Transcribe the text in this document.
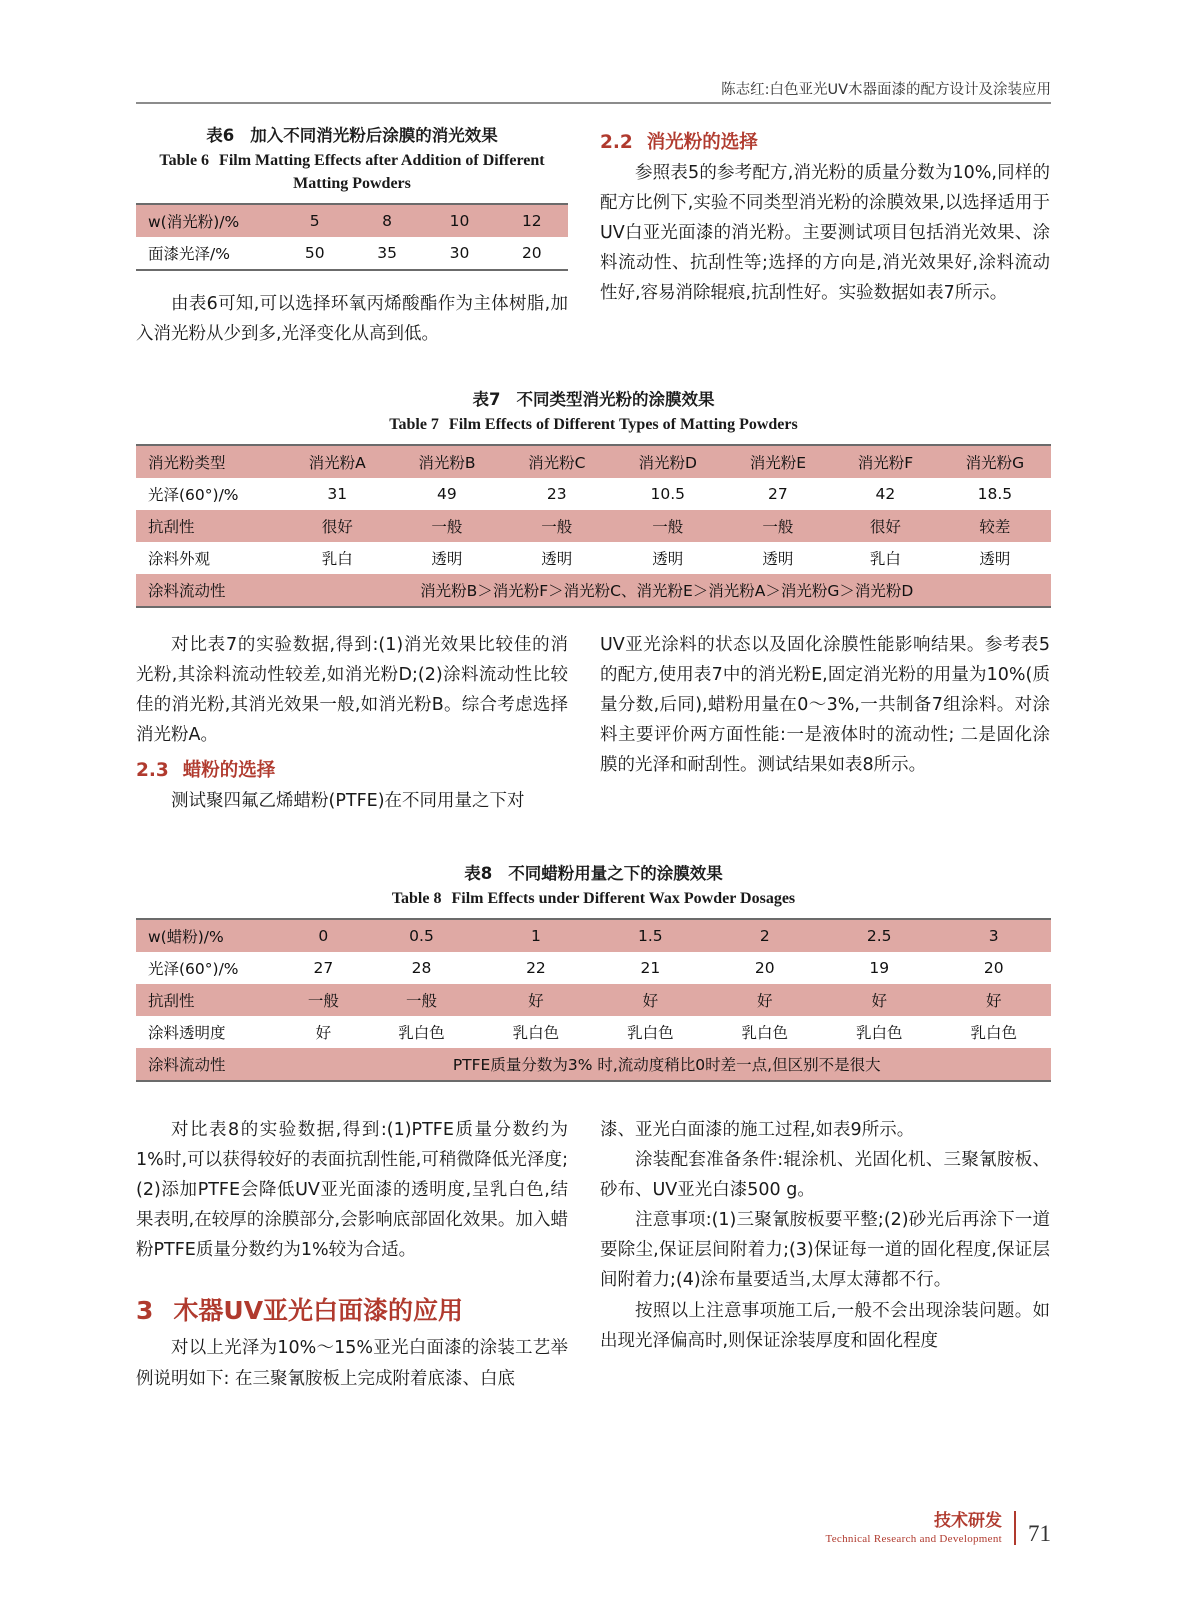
陈志红:白色亚光UV木器面漆的配方设计及涂装应用
表6 加入不同消光粉后涂膜的消光效果
Table 6 Film Matting Effects after Addition of Different
Matting Powders
w(消光粉)/%	5	8	10	12
面漆光泽/%	50	35	30	20

由表6可知,可以选择环氧丙烯酸酯作为主体树脂,加入消光粉从少到多,光泽变化从高到低。

2.2 消光粉的选择

参照表5的参考配方,消光粉的质量分数为10%,同样的配方比例下,实验不同类型消光粉的涂膜效果,以选择适用于UV白亚光面漆的消光粉。主要测试项目包括消光效果、涂料流动性、抗刮性等;选择的方向是,消光效果好,涂料流动性好,容易消除辊痕,抗刮性好。实验数据如表7所示。

表7 不同类型消光粉的涂膜效果
Table 7 Film Effects of Different Types of Matting Powders
消光粉类型	消光粉A	消光粉B	消光粉C	消光粉D	消光粉E	消光粉F	消光粉G
光泽(60°)/%	31	49	23	10.5	27	42	18.5
抗刮性	很好	一般	一般	一般	一般	很好	较差
涂料外观	乳白	透明	透明	透明	透明	乳白	透明
涂料流动性	消光粉B＞消光粉F＞消光粉C、消光粉E＞消光粉A＞消光粉G＞消光粉D						

对比表7的实验数据,得到:(1)消光效果比较佳的消光粉,其涂料流动性较差,如消光粉D;(2)涂料流动性比较佳的消光粉,其消光效果一般,如消光粉B。综合考虑选择消光粉A。

2.3 蜡粉的选择

测试聚四氟乙烯蜡粉(PTFE)在不同用量之下对

UV亚光涂料的状态以及固化涂膜性能影响结果。参考表5的配方,使用表7中的消光粉E,固定消光粉的用量为10%(质量分数,后同),蜡粉用量在0～3%,一共制备7组涂料。对涂料主要评价两方面性能:一是液体时的流动性; 二是固化涂膜的光泽和耐刮性。测试结果如表8所示。

表8 不同蜡粉用量之下的涂膜效果
Table 8 Film Effects under Different Wax Powder Dosages
w(蜡粉)/%	0	0.5	1	1.5	2	2.5	3
光泽(60°)/%	27	28	22	21	20	19	20
抗刮性	一般	一般	好	好	好	好	好
涂料透明度	好	乳白色	乳白色	乳白色	乳白色	乳白色	乳白色
涂料流动性	PTFE质量分数为3% 时,流动度稍比0时差一点,但区别不是很大						

对比表8的实验数据,得到:(1)PTFE质量分数约为1%时,可以获得较好的表面抗刮性能,可稍微降低光泽度;(2)添加PTFE会降低UV亚光面漆的透明度,呈乳白色,结果表明,在较厚的涂膜部分,会影响底部固化效果。加入蜡粉PTFE质量分数约为1%较为合适。

3 木器UV亚光白面漆的应用

对以上光泽为10%～15%亚光白面漆的涂装工艺举例说明如下: 在三聚氰胺板上完成附着底漆、白底

漆、亚光白面漆的施工过程,如表9所示。

涂装配套准备条件:辊涂机、光固化机、三聚氰胺板、砂布、UV亚光白漆500 g。

注意事项:(1)三聚氰胺板要平整;(2)砂光后再涂下一道要除尘,保证层间附着力;(3)保证每一道的固化程度,保证层间附着力;(4)涂布量要适当,太厚太薄都不行。

按照以上注意事项施工后,一般不会出现涂装问题。如出现光泽偏高时,则保证涂装厚度和固化程度

技术研发
Technical Research and Development 71
